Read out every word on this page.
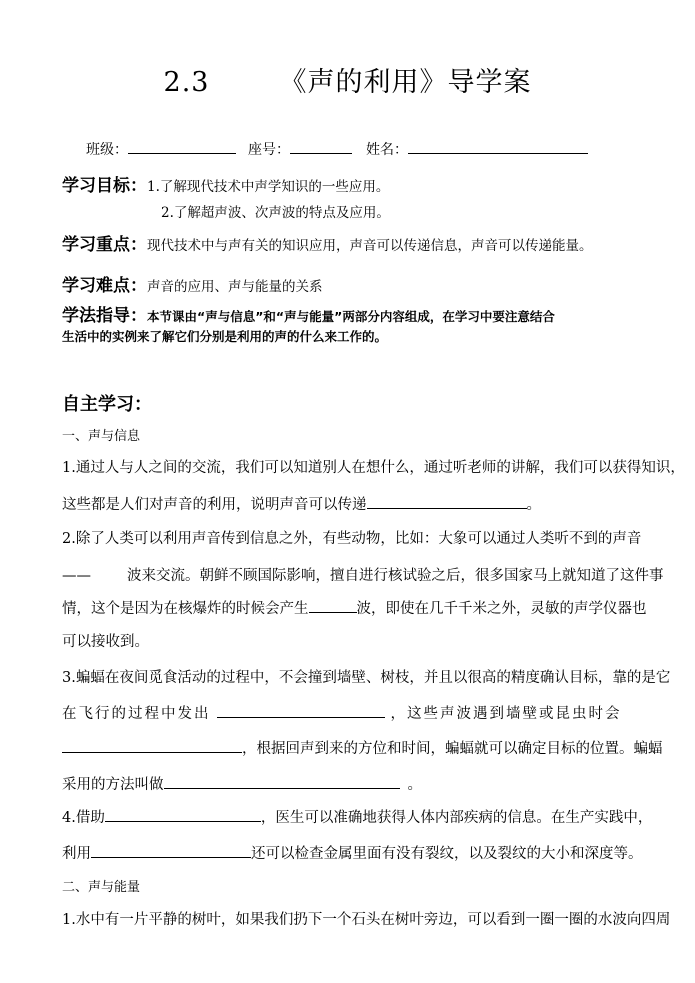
2.3	《声的利用》导学案
班级：	座号：	姓名：
学习目标：1.了解现代技术中声学知识的一些应用。
2.了解超声波、次声波的特点及应用。
学习重点：现代技术中与声有关的知识应用，声音可以传递信息，声音可以传递能量。
学习难点：声音的应用、声与能量的关系
学法指导：本节课由“声与信息”和“声与能量”两部分内容组成，在学习中要注意结合
生活中的实例来了解它们分别是利用的声的什么来工作的。
自主学习：
一、声与信息
1.通过人与人之间的交流，我们可以知道别人在想什么，通过听老师的讲解，我们可以获得知识，
这些都是人们对声音的利用，说明声音可以传递	。
2.除了人类可以利用声音传到信息之外，有些动物，比如：大象可以通过人类听不到的声音
—— 波来交流。朝鲜不顾国际影响，擅自进行核试验之后，很多国家马上就知道了这件事
情，这个是因为在核爆炸的时候会产生	波，即使在几千千米之外，灵敏的声学仪器也
可以接收到。
3.蝙蝠在夜间觅食活动的过程中，不会撞到墙壁、树枝，并且以很高的精度确认目标，靠的是它
在飞行的过程中发出	，这些声波遇到墙壁或昆虫时会
，根据回声到来的方位和时间，蝙蝠就可以确定目标的位置。蝙蝠
采用的方法叫做	。
4.借助	，医生可以准确地获得人体内部疾病的信息。在生产实践中，
利用	还可以检查金属里面有没有裂纹，以及裂纹的大小和深度等。
二、声与能量
1.水中有一片平静的树叶，如果我们扔下一个石头在树叶旁边，可以看到一圈一圈的水波向四周
